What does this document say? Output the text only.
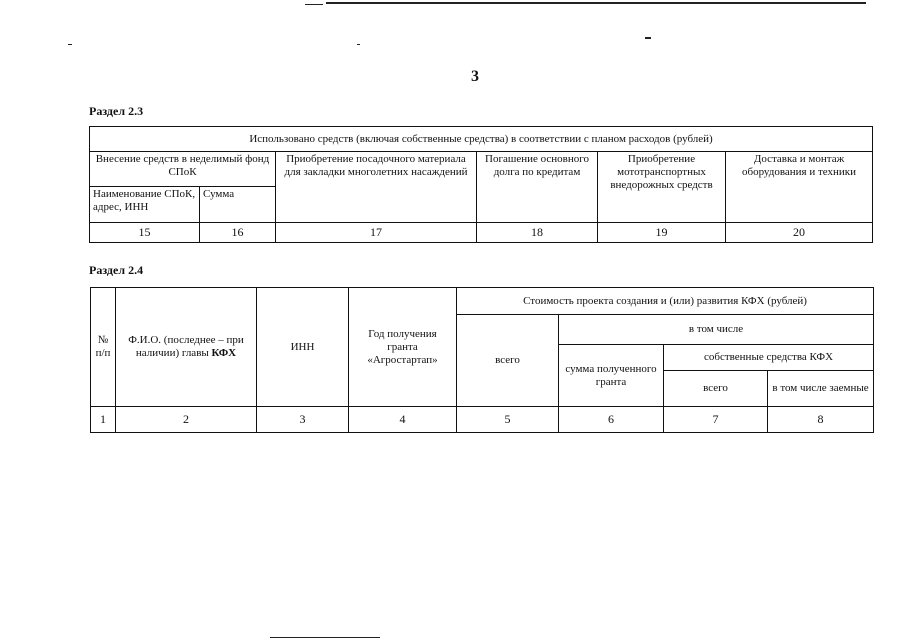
3
Раздел 2.3
Использовано средств (включая собственные средства) в соответствии с планом расходов (рублей)					
Внесение средств в неделимый фонд СПоК		Приобретение посадочного материала для закладки многолетних насаждений	Погашение основного долга по кредитам	Приобретение мототранспортных внедорожных средств	Доставка и монтаж оборудования и техники
Наименование СПоК, адрес, ИНН	Сумма				
15	16	17	18	19	20
Раздел 2.4
№ п/п	Ф.И.О. (последнее – при наличии) главы КФХ	ИНН	Год получения гранта «Агростартап»	Стоимость проекта создания и (или) развития КФХ (рублей)			
				всего	в том числе		
					сумма полученного гранта	собственные средства КФХ	
						всего	в том числе заемные
1	2	3	4	5	6	7	8
